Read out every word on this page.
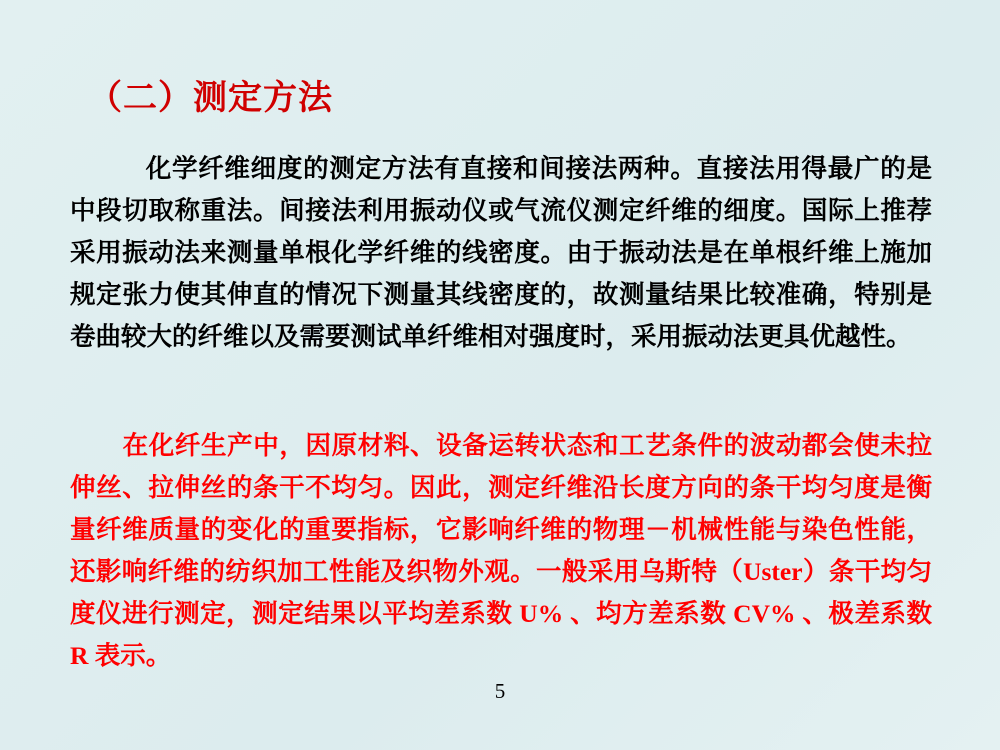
（二）测定方法
化学纤维细度的测定方法有直接和间接法两种。直接法用得最广的是中段切取称重法。间接法利用振动仪或气流仪测定纤维的细度。国际上推荐采用振动法来测量单根化学纤维的线密度。由于振动法是在单根纤维上施加规定张力使其伸直的情况下测量其线密度的，故测量结果比较准确，特别是卷曲较大的纤维以及需要测试单纤维相对强度时，采用振动法更具优越性。
在化纤生产中，因原材料、设备运转状态和工艺条件的波动都会使未拉伸丝、拉伸丝的条干不均匀。因此，测定纤维沿长度方向的条干均匀度是衡量纤维质量的变化的重要指标，它影响纤维的物理－机械性能与染色性能，还影响纤维的纺织加工性能及织物外观。一般采用乌斯特（Uster）条干均匀度仪进行测定，测定结果以平均差系数 U% 、均方差系数 CV% 、极差系数 R 表示。
5
